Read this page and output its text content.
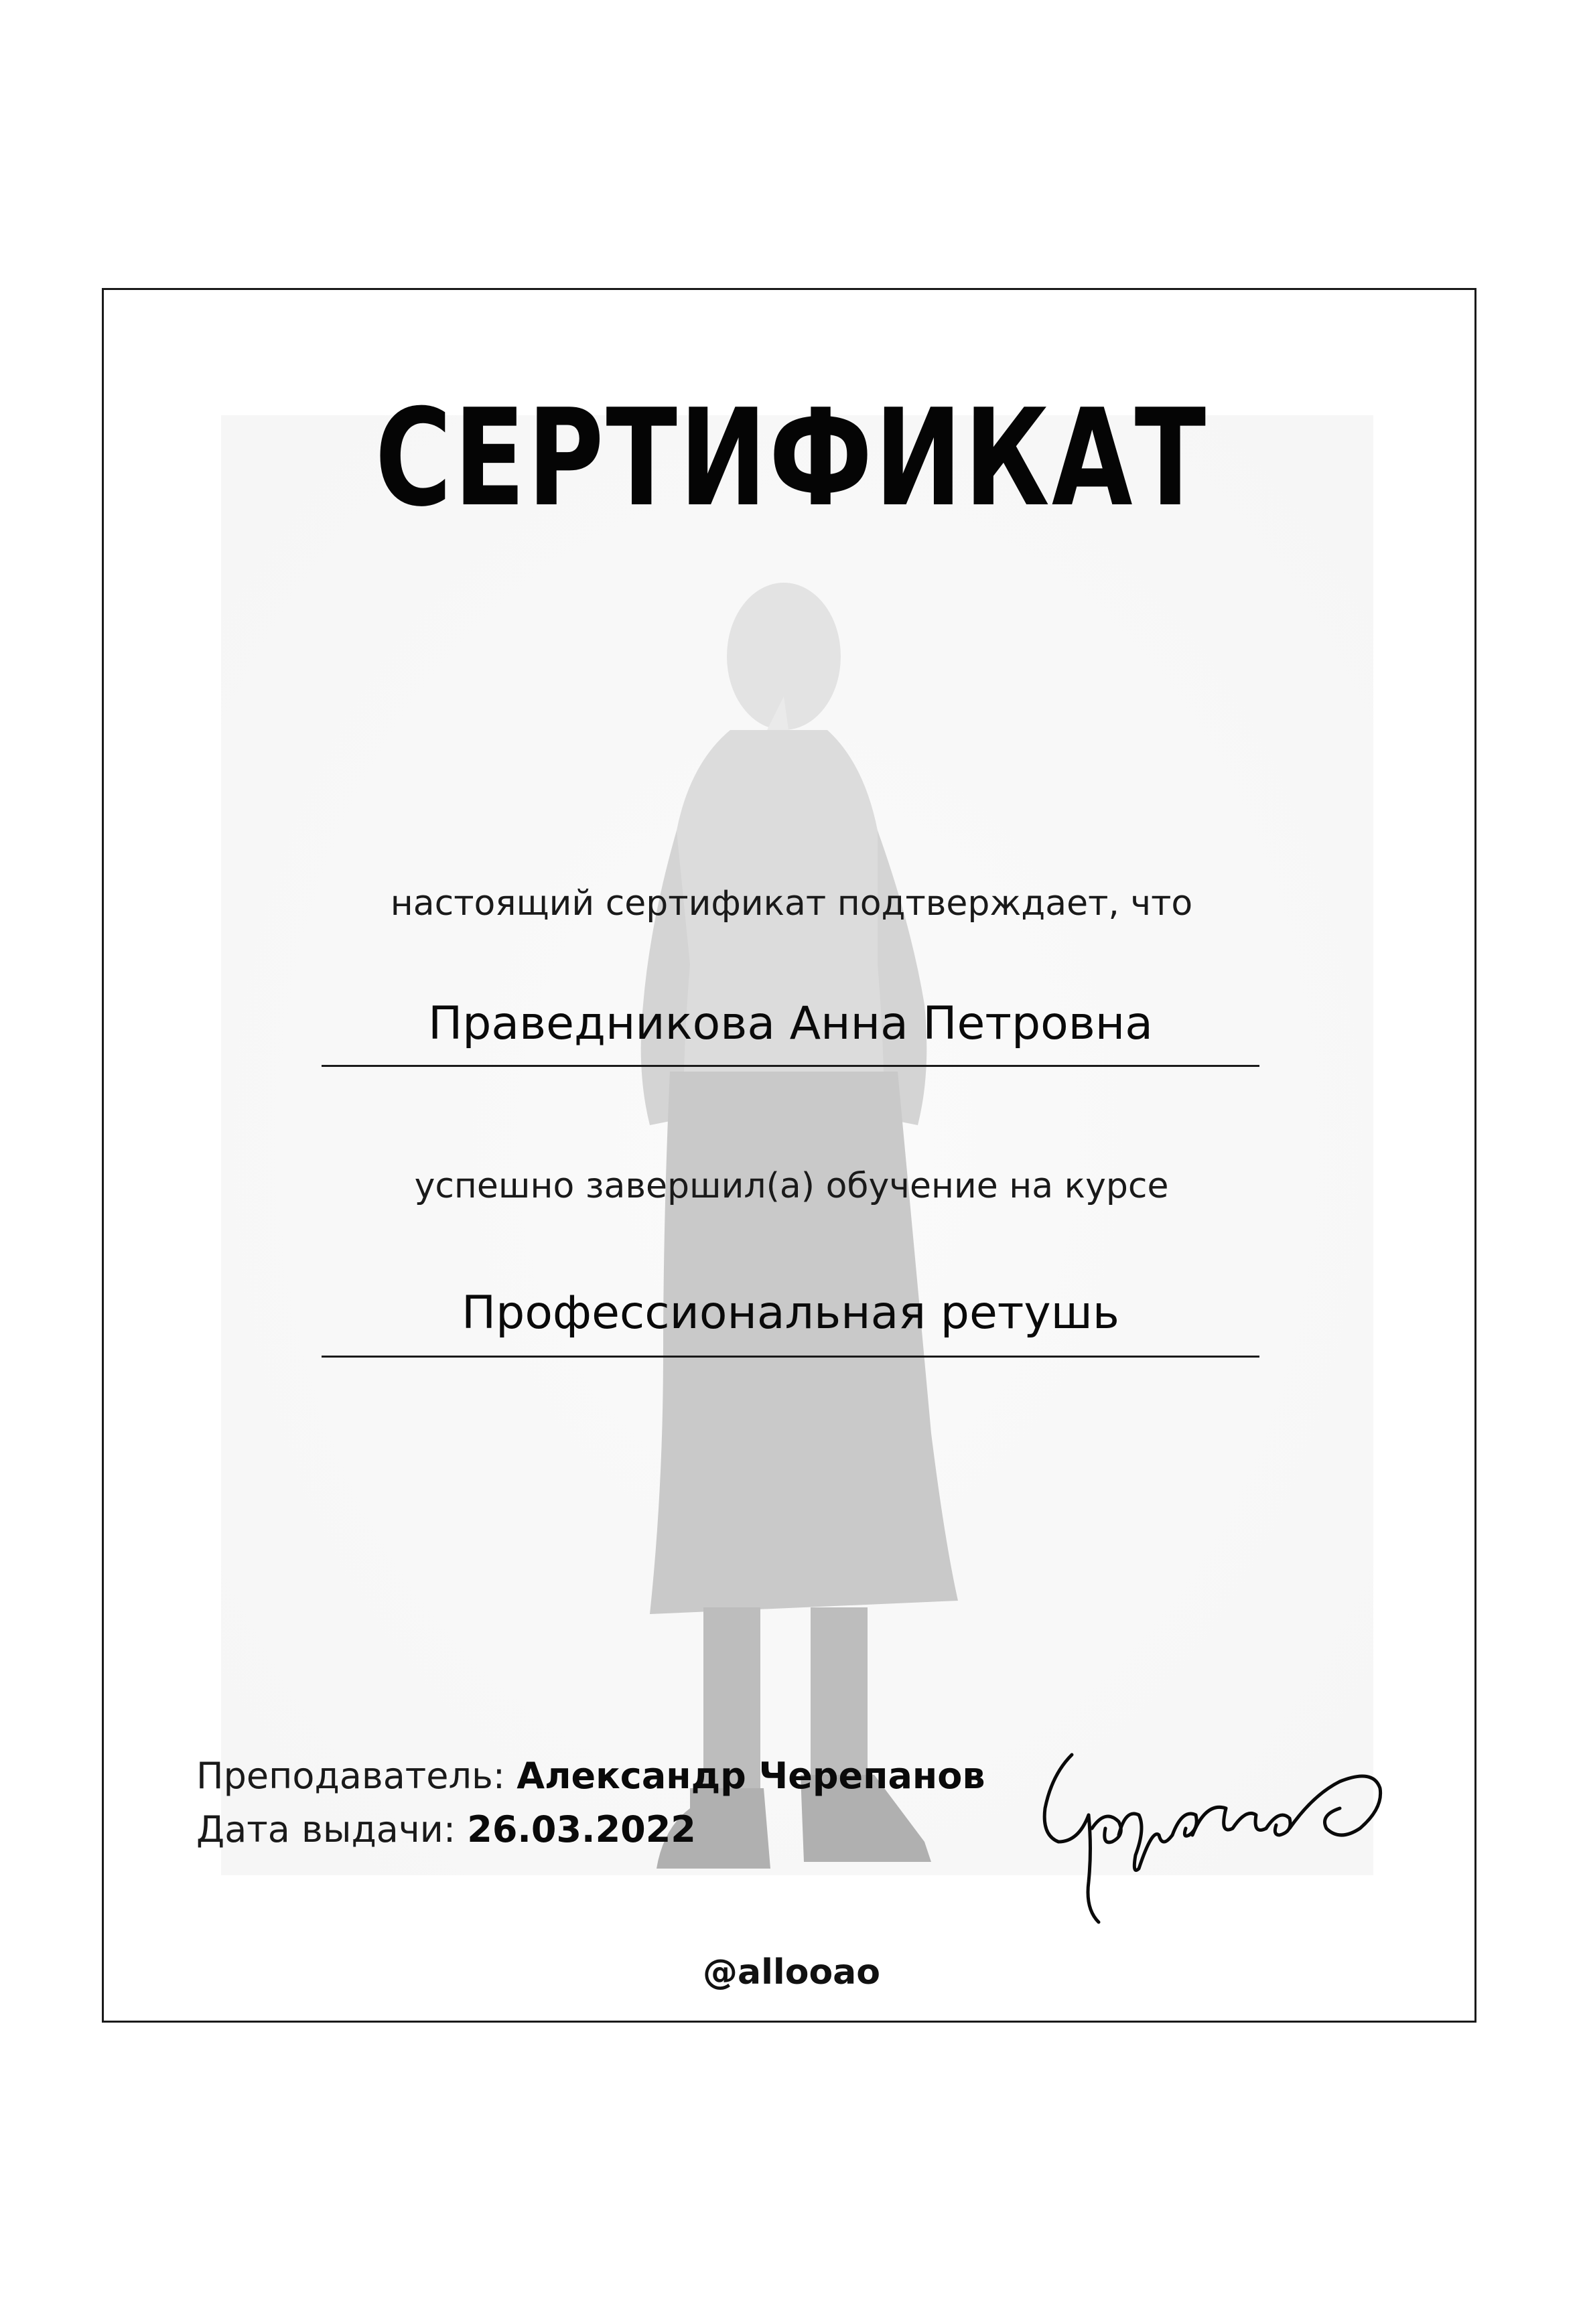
СЕРТИФИКАТ
настоящий сертификат подтверждает, что
Праведникова Анна Петровна
успешно завершил(а) обучение на курсе
Профессиональная ретушь
Преподаватель: Александр Черепанов
Дата выдачи: 26.03.2022
@allooao
